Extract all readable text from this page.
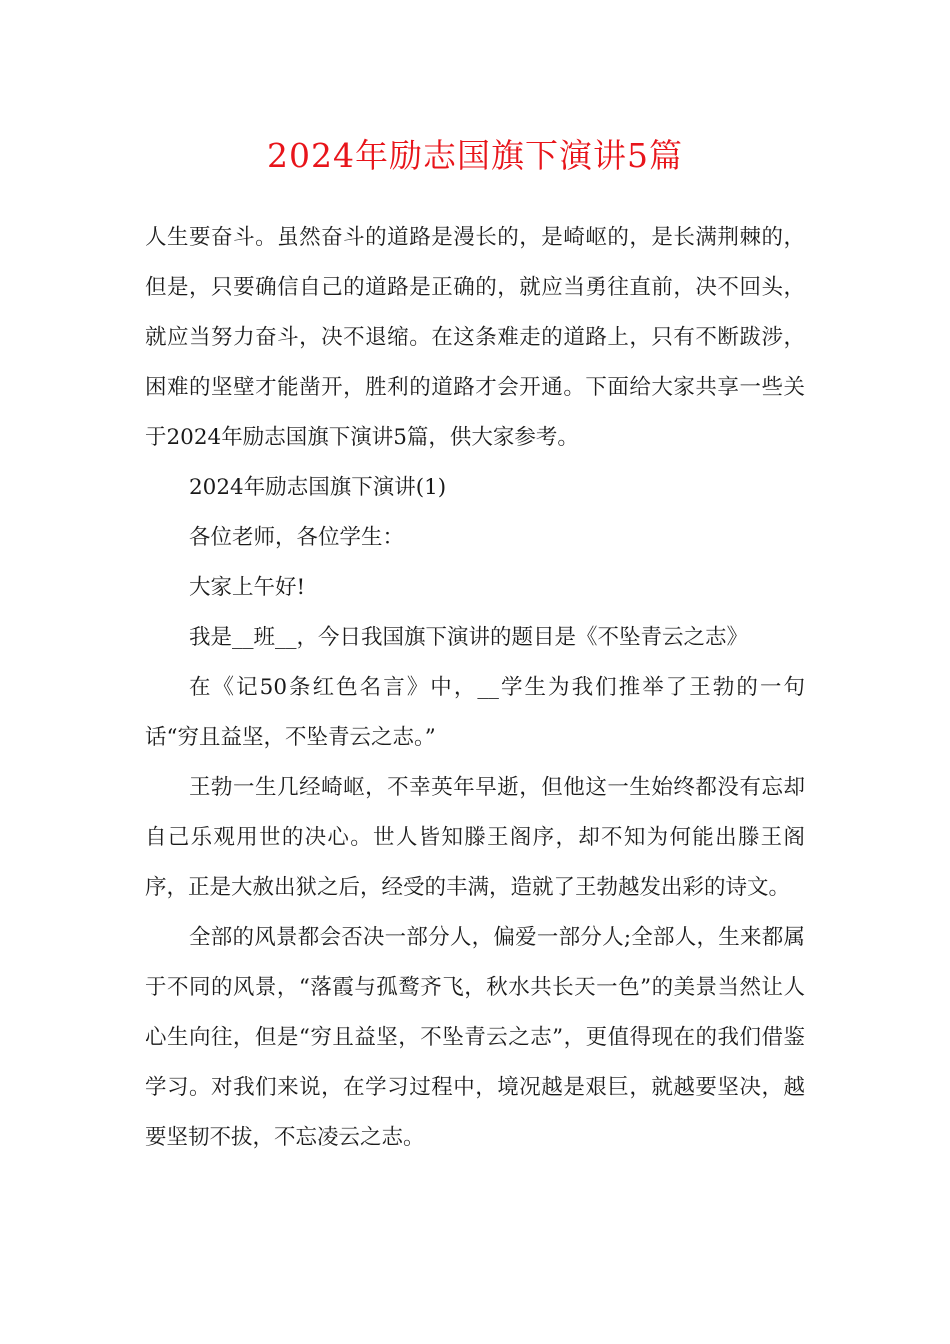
2024年励志国旗下演讲5篇

人生要奋斗。虽然奋斗的道路是漫长的，是崎岖的，是长满荆棘的，但是，只要确信自己的道路是正确的，就应当勇往直前，决不回头，就应当努力奋斗，决不退缩。在这条难走的道路上，只有不断跋涉，困难的坚壁才能凿开，胜利的道路才会开通。下面给大家共享一些关于2024年励志国旗下演讲5篇，供大家参考。

2024年励志国旗下演讲(1)

各位老师，各位学生：

大家上午好!

我是__班__，今日我国旗下演讲的题目是《不坠青云之志》

在《记50条红色名言》中，__学生为我们推举了王勃的一句话“穷且益坚，不坠青云之志。”

王勃一生几经崎岖，不幸英年早逝，但他这一生始终都没有忘却自己乐观用世的决心。世人皆知滕王阁序，却不知为何能出滕王阁序，正是大赦出狱之后，经受的丰满，造就了王勃越发出彩的诗文。

全部的风景都会否决一部分人，偏爱一部分人;全部人，生来都属于不同的风景，“落霞与孤鹜齐飞，秋水共长天一色”的美景当然让人心生向往，但是“穷且益坚，不坠青云之志”，更值得现在的我们借鉴学习。对我们来说，在学习过程中，境况越是艰巨，就越要坚决，越要坚韧不拔，不忘凌云之志。
